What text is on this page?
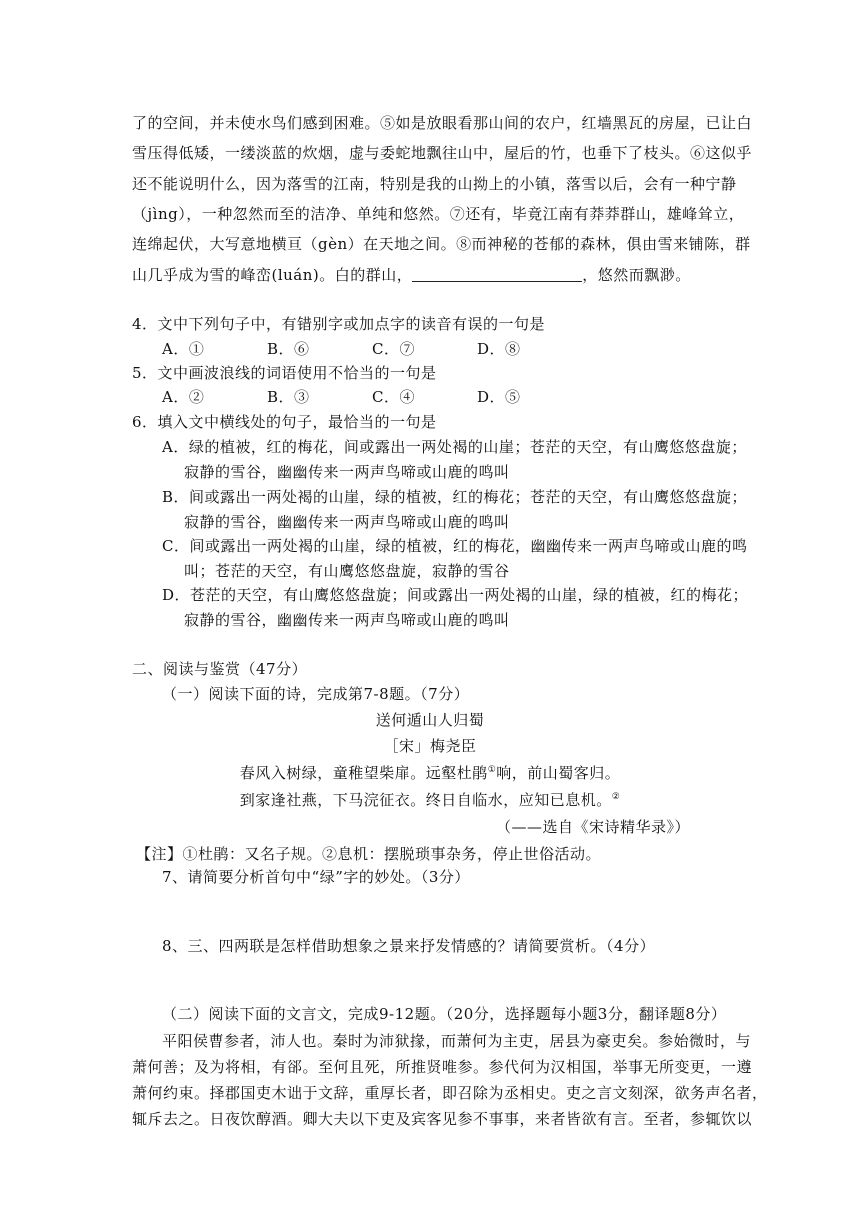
了的空间，并未使水鸟们感到困难。⑤如是放眼看那山间的农户，红墙黑瓦的房屋，已让白
雪压得低矮，一缕淡蓝的炊烟，虚与委蛇地飘往山中，屋后的竹，也垂下了枝头。⑥这似乎
还不能说明什么，因为落雪的江南，特别是我的山拗上的小镇，落雪以后，会有一种宁静
（jìng），一种忽然而至的洁净、单纯和悠然。⑦还有，毕竟江南有莽莽群山，雄峰耸立，
连绵起伏，大写意地横亘（gèn）在天地之间。⑧而神秘的苍郁的森林，俱由雪来铺陈，群
山几乎成为雪的峰峦(luán)。白的群山，	，悠然而飘渺。
4．文中下列句子中，有错别字或加点字的读音有误的一句是
A．①	B．⑥	C．⑦	D．⑧
5．文中画波浪线的词语使用不恰当的一句是
A．②	B．③	C．④	D．⑤
6．填入文中横线处的句子，最恰当的一句是
A．绿的植被，红的梅花，间或露出一两处褐的山崖；苍茫的天空，有山鹰悠悠盘旋；
寂静的雪谷，幽幽传来一两声鸟啼或山鹿的鸣叫
B．间或露出一两处褐的山崖，绿的植被，红的梅花；苍茫的天空，有山鹰悠悠盘旋；
寂静的雪谷，幽幽传来一两声鸟啼或山鹿的鸣叫
C．间或露出一两处褐的山崖，绿的植被，红的梅花，幽幽传来一两声鸟啼或山鹿的鸣
叫；苍茫的天空，有山鹰悠悠盘旋，寂静的雪谷
D．苍茫的天空，有山鹰悠悠盘旋；间或露出一两处褐的山崖，绿的植被，红的梅花；
寂静的雪谷，幽幽传来一两声鸟啼或山鹿的鸣叫
二、阅读与鉴赏（47分）
（一）阅读下面的诗，完成第7-8题。（7分）
送何遁山人归蜀
［宋」梅尧臣
春风入树绿，童稚望柴扉。远壑杜鹃①响，前山蜀客归。
到家逢社燕，下马浣征衣。终日自临水，应知已息机。②
（——选自《宋诗精华录》）
【注】①杜鹃：又名子规。②息机：摆脱琐事杂务，停止世俗活动。
7、请简要分析首句中“绿”字的妙处。（3分）
8、三、四两联是怎样借助想象之景来抒发情感的？请简要赏析。（4分）
（二）阅读下面的文言文，完成9-12题。（20分，选择题每小题3分，翻译题8分）
平阳侯曹参者，沛人也。秦时为沛狱掾，而萧何为主吏，居县为豪吏矣。参始微时，与
萧何善；及为将相，有郤。至何且死，所推贤唯参。参代何为汉相国，举事无所变更，一遵
萧何约束。择郡国吏木诎于文辞，重厚长者，即召除为丞相史。吏之言文刻深，欲务声名者，
辄斥去之。日夜饮醇酒。卿大夫以下吏及宾客见参不事事，来者皆欲有言。至者，参辄饮以
